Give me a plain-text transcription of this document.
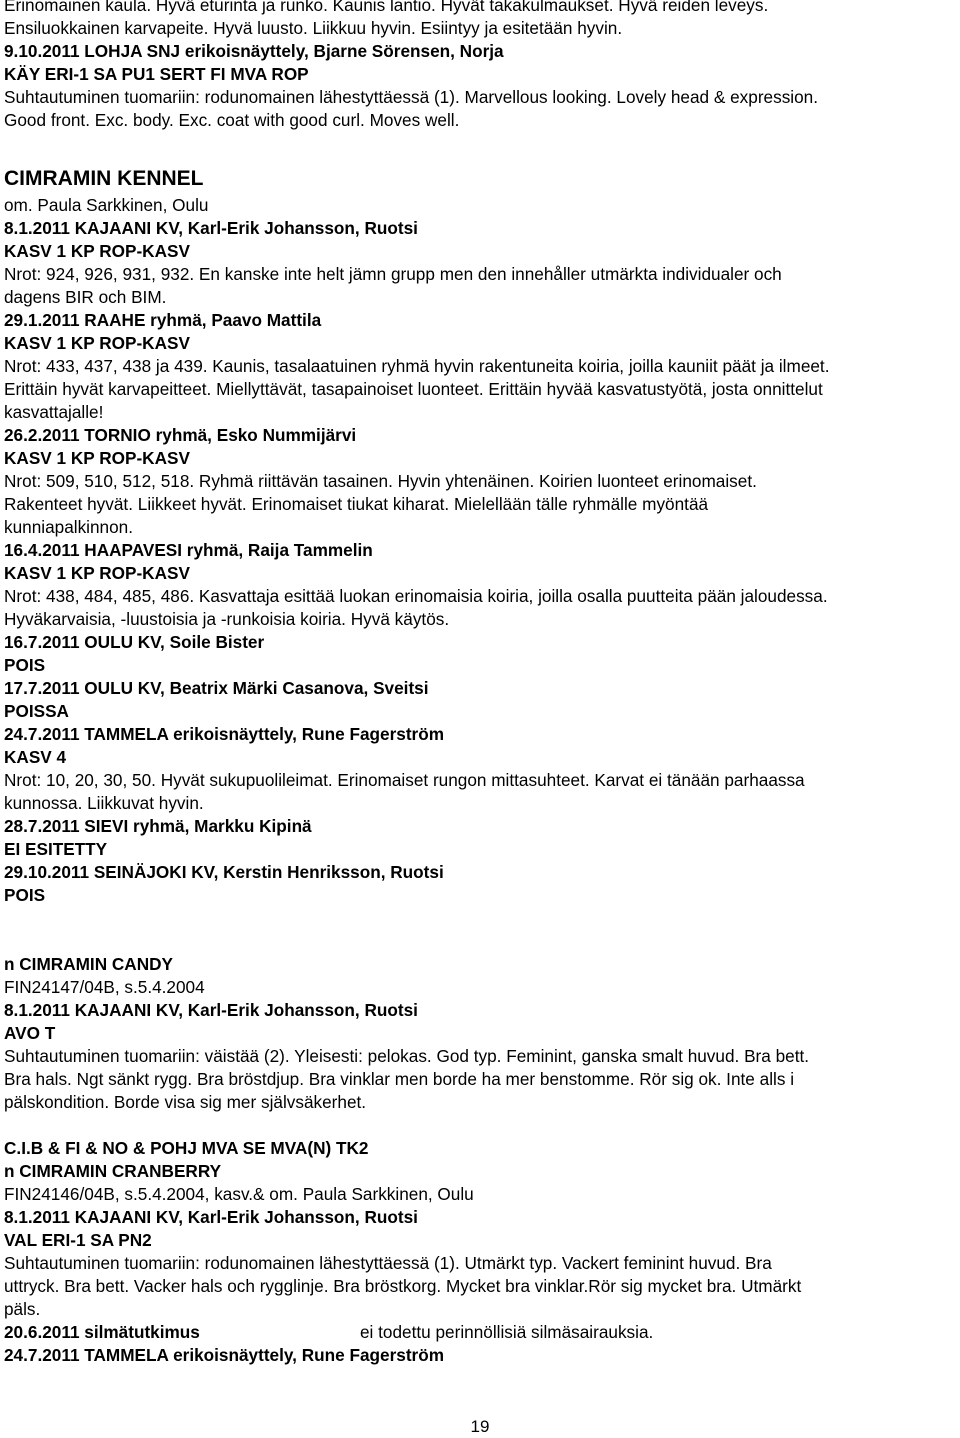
Erinomainen kaula. Hyvä eturinta ja runko. Kaunis lantio. Hyvät takakulmaukset. Hyvä reiden leveys.
Ensiluokkainen karvapeite. Hyvä luusto. Liikkuu hyvin. Esiintyy ja esitetään hyvin.
9.10.2011 LOHJA SNJ erikoisnäyttely, Bjarne Sörensen, Norja
KÄY ERI-1 SA PU1 SERT FI MVA ROP
Suhtautuminen tuomariin: rodunomainen lähestyttäessä (1). Marvellous looking. Lovely head & expression.
Good front. Exc. body. Exc. coat with good curl. Moves well.
CIMRAMIN KENNEL
om. Paula Sarkkinen, Oulu
8.1.2011 KAJAANI KV, Karl-Erik Johansson, Ruotsi
KASV 1 KP ROP-KASV
Nrot: 924, 926, 931, 932. En kanske inte helt jämn grupp men den innehåller utmärkta individualer och
dagens BIR och BIM.
29.1.2011 RAAHE ryhmä, Paavo Mattila
KASV 1 KP ROP-KASV
Nrot: 433, 437, 438 ja 439. Kaunis, tasalaatuinen ryhmä hyvin rakentuneita koiria, joilla kauniit päät ja ilmeet.
Erittäin hyvät karvapeitteet. Miellyttävät, tasapainoiset luonteet. Erittäin hyvää kasvatustyötä, josta onnittelut
kasvattajalle!
26.2.2011 TORNIO ryhmä, Esko Nummijärvi
KASV 1 KP ROP-KASV
Nrot: 509, 510, 512, 518. Ryhmä riittävän tasainen. Hyvin yhtenäinen. Koirien luonteet erinomaiset.
Rakenteet hyvät. Liikkeet hyvät. Erinomaiset tiukat kiharat. Mielellään tälle ryhmälle myöntää
kunniapalkinnon.
16.4.2011 HAAPAVESI ryhmä, Raija Tammelin
KASV 1 KP ROP-KASV
Nrot: 438, 484, 485, 486. Kasvattaja esittää luokan erinomaisia koiria, joilla osalla puutteita pään jaloudessa.
Hyväkarvaisia, -luustoisia ja -runkoisia koiria. Hyvä käytös.
16.7.2011 OULU KV, Soile Bister
POIS
17.7.2011 OULU KV, Beatrix Märki Casanova, Sveitsi
POISSA
24.7.2011 TAMMELA erikoisnäyttely, Rune Fagerström
KASV 4
Nrot: 10, 20, 30, 50. Hyvät sukupuolileimat. Erinomaiset rungon mittasuhteet. Karvat ei tänään parhaassa
kunnossa. Liikkuvat hyvin.
28.7.2011 SIEVI ryhmä, Markku Kipinä
EI ESITETTY
29.10.2011 SEINÄJOKI KV, Kerstin Henriksson, Ruotsi
POIS
n CIMRAMIN CANDY
FIN24147/04B, s.5.4.2004
8.1.2011 KAJAANI KV, Karl-Erik Johansson, Ruotsi
AVO T
Suhtautuminen tuomariin: väistää (2). Yleisesti: pelokas. God typ. Feminint, ganska smalt huvud. Bra bett.
Bra hals. Ngt sänkt rygg. Bra bröstdjup. Bra vinklar men borde ha mer benstomme. Rör sig ok. Inte alls i
pälskondition. Borde visa sig mer självsäkerhet.
C.I.B & FI & NO & POHJ MVA SE MVA(N) TK2
n CIMRAMIN CRANBERRY
FIN24146/04B, s.5.4.2004, kasv.& om. Paula Sarkkinen, Oulu
8.1.2011 KAJAANI KV, Karl-Erik Johansson, Ruotsi
VAL ERI-1 SA PN2
Suhtautuminen tuomariin: rodunomainen lähestyttäessä (1). Utmärkt typ. Vackert feminint huvud. Bra
uttryck. Bra bett. Vacker hals och rygglinje. Bra bröstkorg. Mycket bra vinklar.Rör sig mycket bra. Utmärkt
päls.
20.6.2011 silmätutkimus	ei todettu perinnöllisiä silmäsairauksia.
24.7.2011 TAMMELA erikoisnäyttely, Rune Fagerström
19
